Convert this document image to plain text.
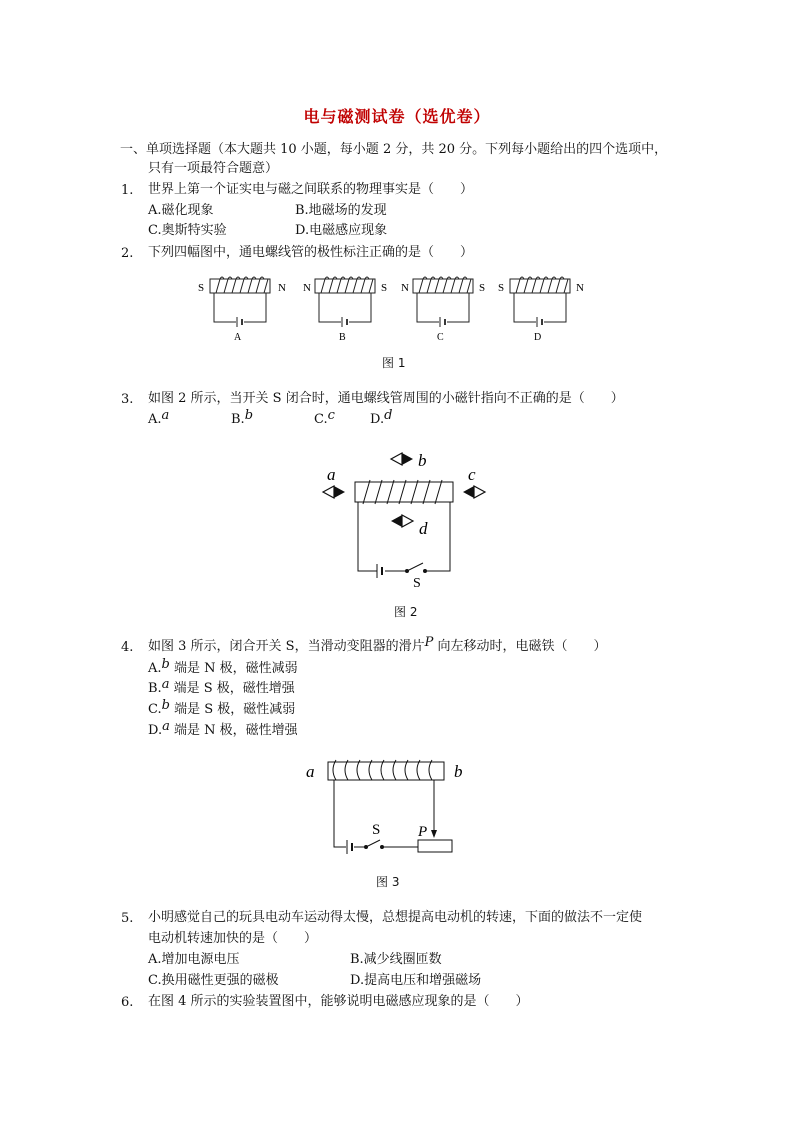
电与磁测试卷（选优卷）
一、单项选择题（本大题共 10 小题，每小题 2 分，共 20 分。下列每小题给出的四个选项中，
只有一项最符合题意）
1. 世界上第一个证实电与磁之间联系的物理事实是（　　）
A.磁化现象	B.地磁场的发现
C.奥斯特实验	D.电磁感应现象
2. 下列四幅图中，通电螺线管的极性标注正确的是（　　）
S	N
A
N	S
B
N	S
C
S	N
D
图 1
3. 如图 2 所示，当开关 S 闭合时，通电螺线管周围的小磁针指向不正确的是（　　）
A.a	B.b	C.c	D.d
a
b
c
d
S
图 2
4. 如图 3 所示，闭合开关 S，当滑动变阻器的滑片P 向左移动时，电磁铁（　　）
A.b 端是 N 极，磁性减弱
B.a 端是 S 极，磁性增强
C.b 端是 S 极，磁性减弱
D.a 端是 N 极，磁性增强
a	b
S	P
图 3
5. 小明感觉自己的玩具电动车运动得太慢，总想提高电动机的转速，下面的做法不一定使
电动机转速加快的是（　　）
A.增加电源电压	B.减少线圈匝数
C.换用磁性更强的磁极	D.提高电压和增强磁场
6. 在图 4 所示的实验装置图中，能够说明电磁感应现象的是（　　）
